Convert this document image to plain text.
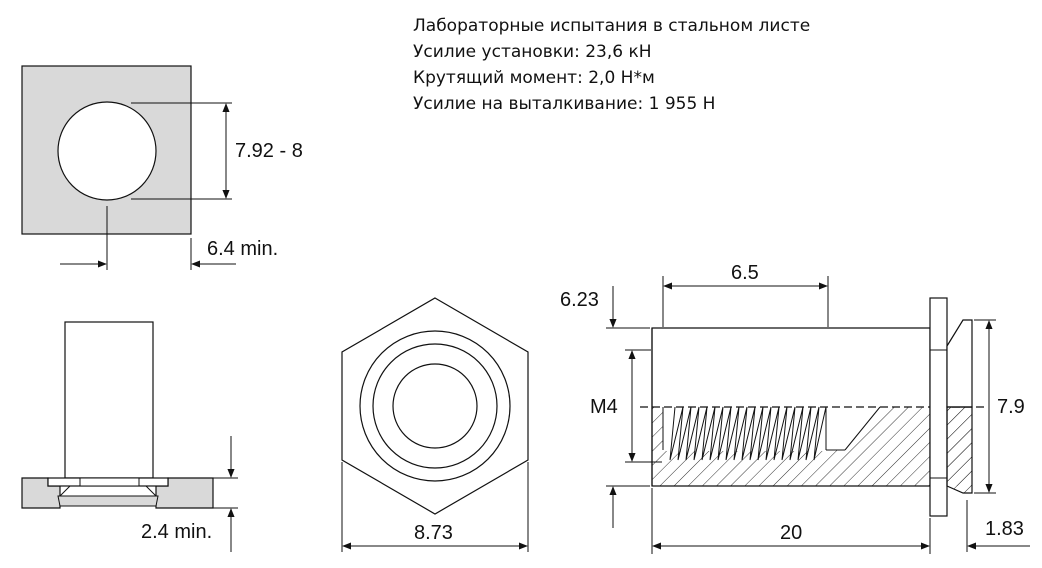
Лабораторные испытания в стальном листе
Усилие установки: 23,6 кН
Крутящий момент: 2,0 Н*м
Усилие на выталкивание: 1 955 Н
7.92 - 8
6.4 min.
2.4 min.	8.73
M4
6.23
6.5
20
7.9
1.83
